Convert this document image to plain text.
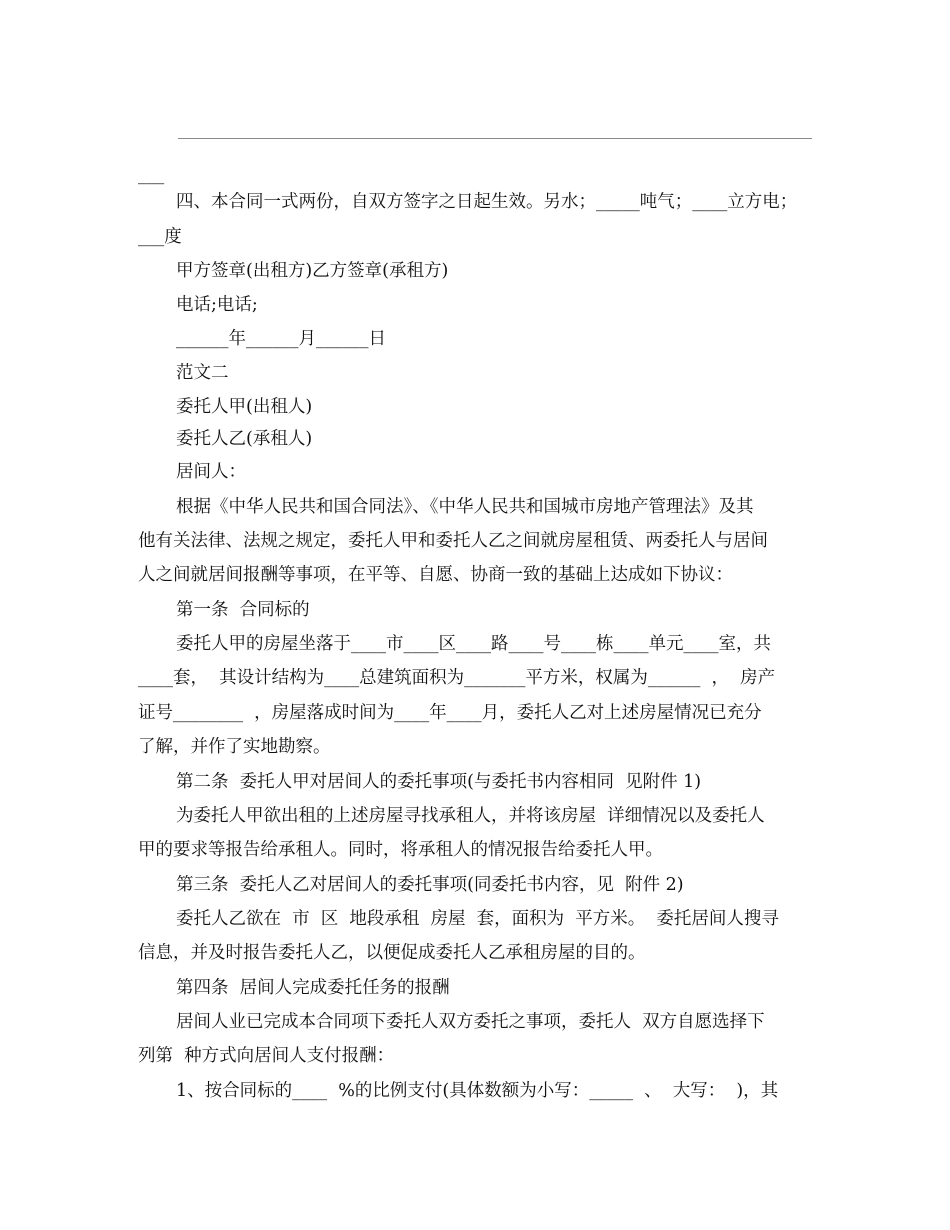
___
四、本合同一式两份，自双方签字之日起生效。另水；_____吨气；____立方电；
___度
甲方签章(出租方)乙方签章(承租方)
电话;电话;
______年______月______日
范文二
委托人甲(出租人)
委托人乙(承租人)
居间人：
根据《中华人民共和国合同法》、《中华人民共和国城市房地产管理法》及其
他有关法律、法规之规定，委托人甲和委托人乙之间就房屋租赁、两委托人与居间
人之间就居间报酬等事项，在平等、自愿、协商一致的基础上达成如下协议：
第一条  合同标的
委托人甲的房屋坐落于____市____区____路____号____栋____单元____室，共
____套，  其设计结构为____总建筑面积为_______平方米，权属为______  ，  房产
证号________  ，房屋落成时间为____年____月，委托人乙对上述房屋情况已充分
了解，并作了实地勘察。
第二条  委托人甲对居间人的委托事项(与委托书内容相同  见附件 1)
为委托人甲欲出租的上述房屋寻找承租人，并将该房屋  详细情况以及委托人
甲的要求等报告给承租人。同时，将承租人的情况报告给委托人甲。
第三条  委托人乙对居间人的委托事项(同委托书内容，见  附件 2)
委托人乙欲在  市  区  地段承租  房屋  套，面积为  平方米。  委托居间人搜寻
信息，并及时报告委托人乙，以便促成委托人乙承租房屋的目的。
第四条  居间人完成委托任务的报酬
居间人业已完成本合同项下委托人双方委托之事项，委托人  双方自愿选择下
列第  种方式向居间人支付报酬：
1、按合同标的____  %的比例支付(具体数额为小写：_____  、  大写：  )，其
